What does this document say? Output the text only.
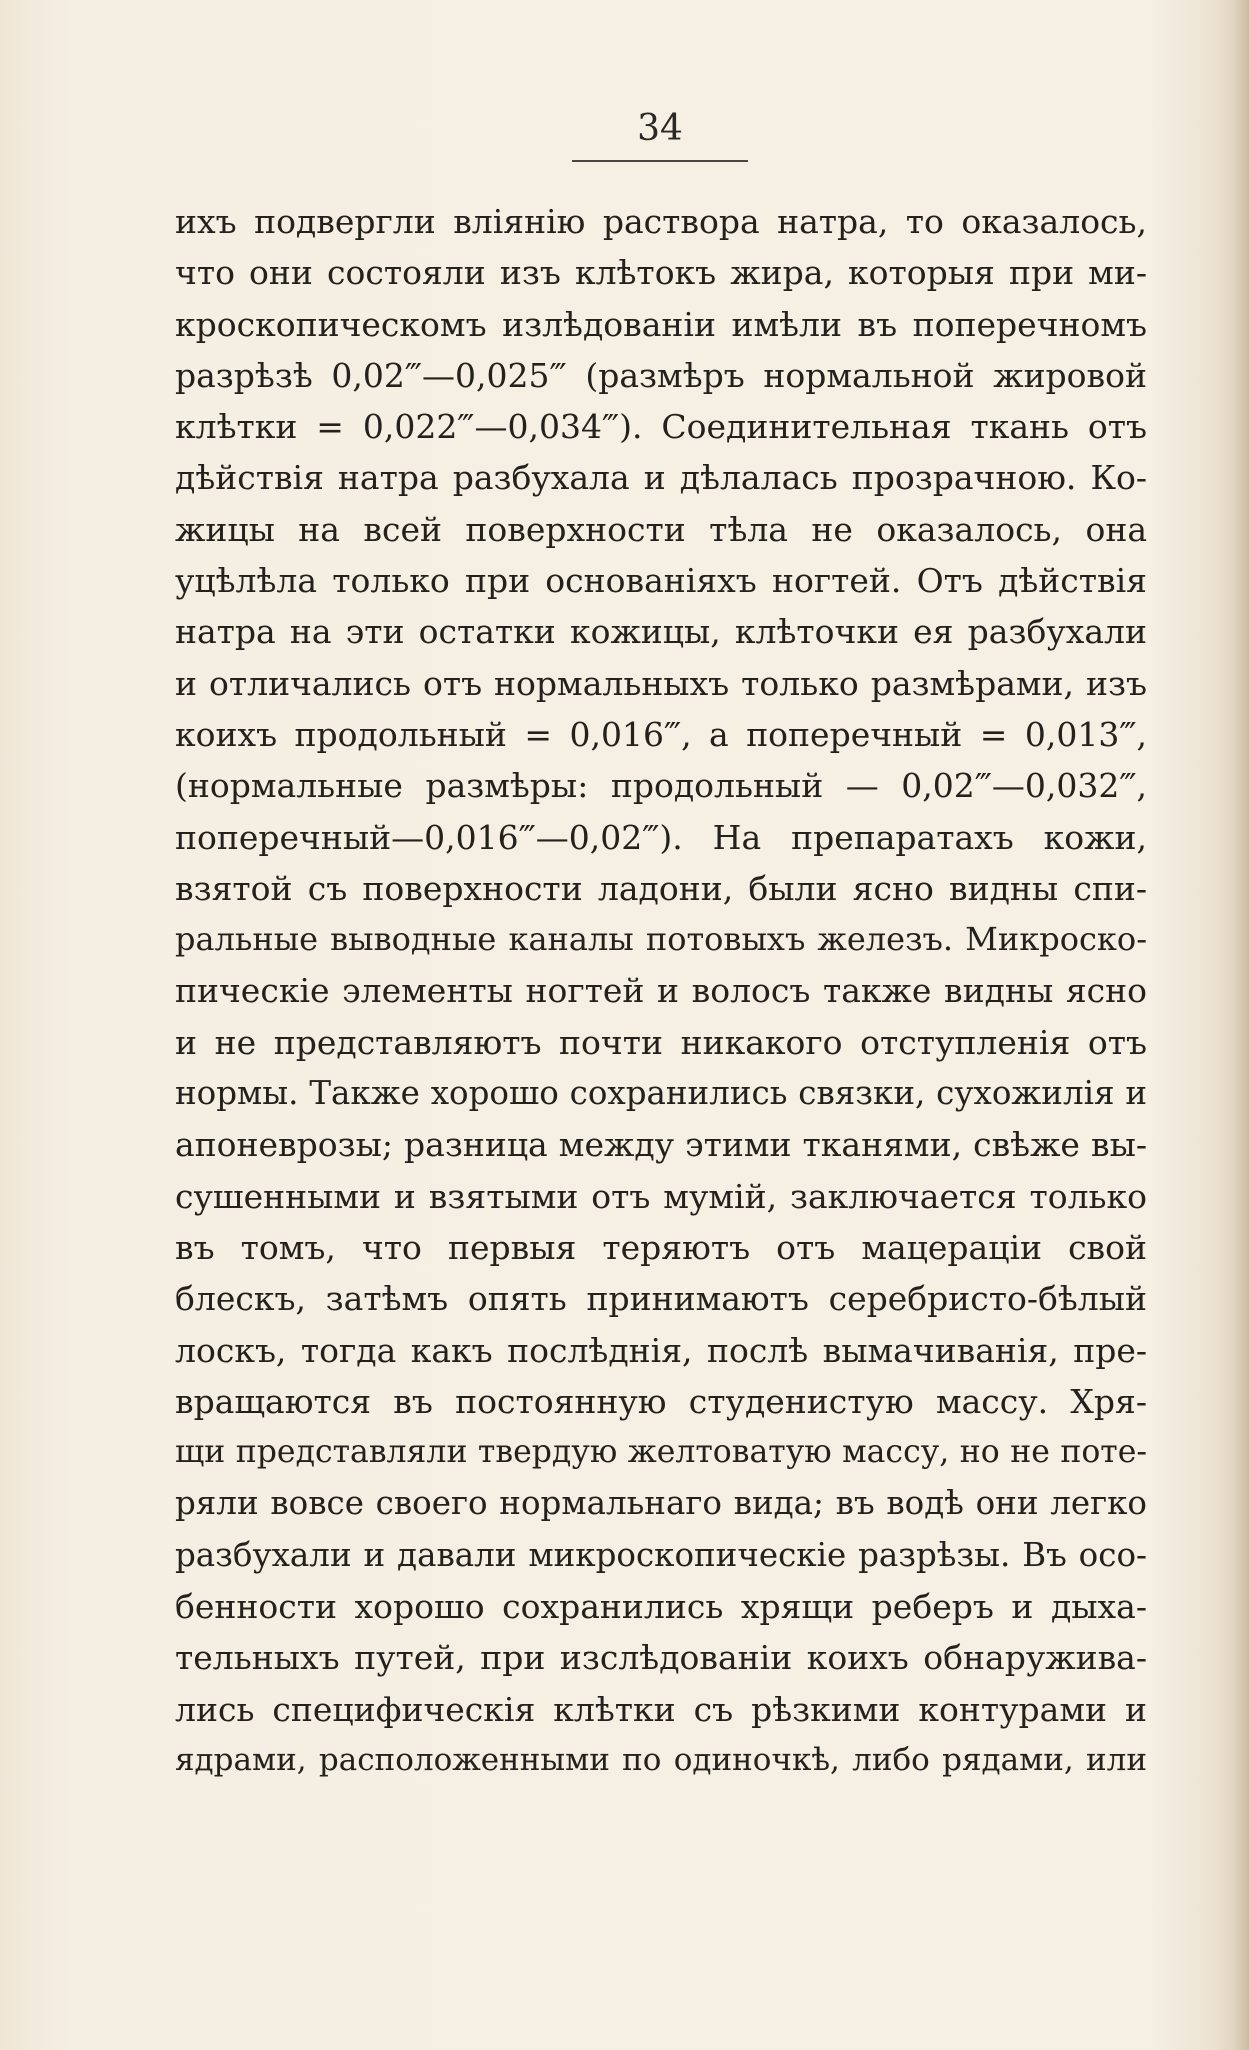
34
ихъ подвергли вліянію раствора натра, то оказалось,
что они состояли изъ клѣтокъ жира, которыя при ми-
кроскопическомъ излѣдованіи имѣли въ поперечномъ
разрѣзѣ 0,02‴—0,025‴ (размѣръ нормальной жировой
клѣтки = 0,022‴—0,034‴). Соединительная ткань отъ
дѣйствія натра разбухала и дѣлалась прозрачною. Ко-
жицы на всей поверхности тѣла не оказалось, она
уцѣлѣла только при основаніяхъ ногтей. Отъ дѣйствія
натра на эти остатки кожицы, клѣточки ея разбухали
и отличались отъ нормальныхъ только размѣрами, изъ
коихъ продольный = 0,016‴, а поперечный = 0,013‴,
(нормальные размѣры: продольный — 0,02‴—0,032‴,
поперечный—0,016‴—0,02‴). На препаратахъ кожи,
взятой съ поверхности ладони, были ясно видны спи-
ральные выводные каналы потовыхъ железъ. Микроско-
пическіе элементы ногтей и волосъ также видны ясно
и не представляютъ почти никакого отступленія отъ
нормы. Также хорошо сохранились связки, сухожилія и
апоневрозы; разница между этими тканями, свѣже вы-
сушенными и взятыми отъ мумій, заключается только
въ томъ, что первыя теряютъ отъ мацераціи свой
блескъ, затѣмъ опять принимаютъ серебристо-бѣлый
лоскъ, тогда какъ послѣднія, послѣ вымачиванія, пре-
вращаются въ постоянную студенистую массу. Хря-
щи представляли твердую желтоватую массу, но не поте-
ряли вовсе своего нормальнаго вида; въ водѣ они легко
разбухали и давали микроскопическіе разрѣзы. Въ осо-
бенности хорошо сохранились хрящи реберъ и дыха-
тельныхъ путей, при изслѣдованіи коихъ обнаружива-
лись специфическія клѣтки съ рѣзкими контурами и
ядрами, расположенными по одиночкѣ, либо рядами, или
